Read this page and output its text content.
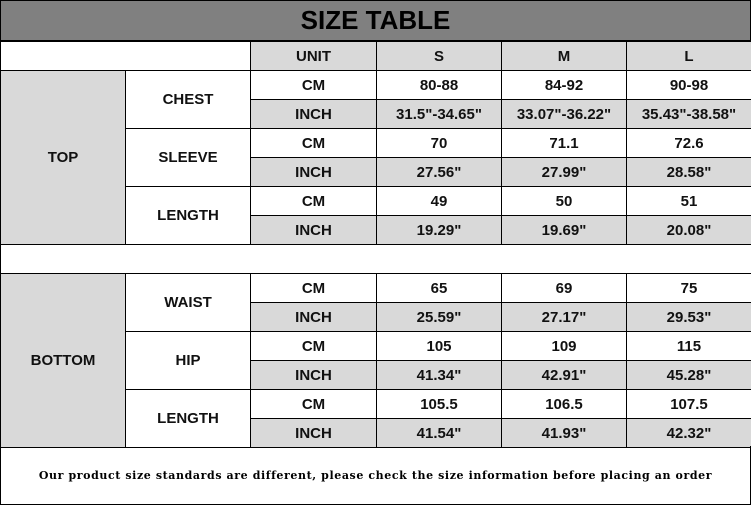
SIZE TABLE
		UNIT	S	M	L
TOP	CHEST	CM	80-88	84-92	90-98
		INCH	31.5"-34.65"	33.07"-36.22"	35.43"-38.58"
	SLEEVE	CM	70	71.1	72.6
		INCH	27.56"	27.99"	28.58"
	LENGTH	CM	49	50	51
		INCH	19.29"	19.69"	20.08"

BOTTOM	WAIST	CM	65	69	75
		INCH	25.59"	27.17"	29.53"
	HIP	CM	105	109	115
		INCH	41.34"	42.91"	45.28"
	LENGTH	CM	105.5	106.5	107.5
		INCH	41.54"	41.93"	42.32"
Our product size standards are different, please check the size information before placing an order
